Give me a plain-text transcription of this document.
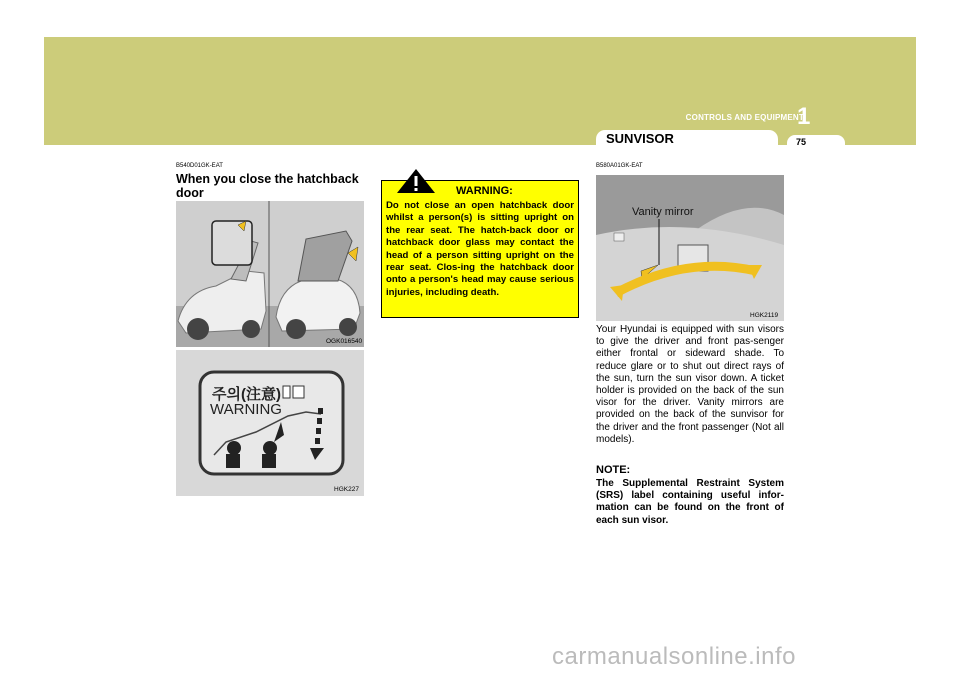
CONTROLS AND EQUIPMENT
1
SUNVISOR	75
B540D01GK-EAT
When you close the hatchback door
OGK016540
주의(注意)
WARNING
HGK227
WARNING:
Do not close an open hatchback door whilst a person(s) is sitting upright on the rear seat. The hatch-back door or hatchback door glass may contact the head of a person sitting upright on the rear seat. Clos-ing the hatchback door onto a person's head may cause serious injuries, including death.
B580A01GK-EAT
Vanity mirror
HGK2119
Your Hyundai is equipped with sun visors to give the driver and front pas-senger either frontal or sideward shade. To reduce glare or to shut out direct rays of the sun, turn the sun visor down. A ticket holder is provided on the back of the sun visor for the driver. Vanity mirrors are provided on the back of the sunvisor for the driver and the front passenger (Not all models).
NOTE:
The Supplemental Restraint System (SRS) label containing useful infor-mation can be found on the front of each sun visor.
carmanualsonline.info
